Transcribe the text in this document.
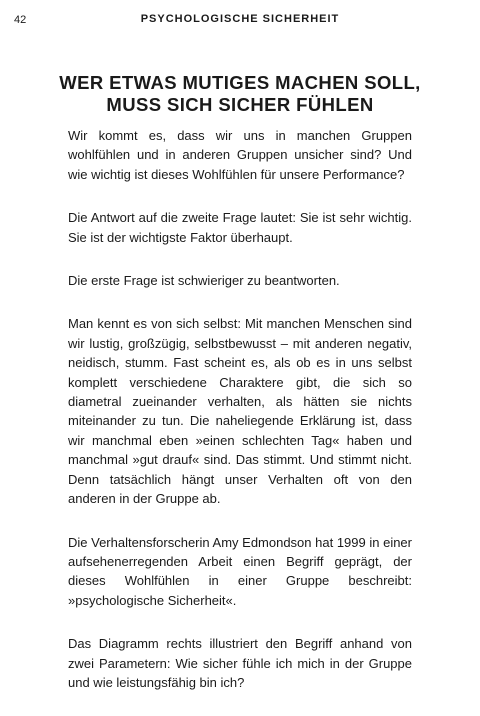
42	PSYCHOLOGISCHE SICHERHEIT
WER ETWAS MUTIGES MACHEN SOLL,
MUSS SICH SICHER FÜHLEN

Wir kommt es, dass wir uns in manchen Gruppen wohlfühlen und in anderen Gruppen unsicher sind? Und wie wichtig ist dieses Wohlfühlen für unsere Performance?

Die Antwort auf die zweite Frage lautet: Sie ist sehr wichtig. Sie ist der wichtigste Faktor überhaupt.

Die erste Frage ist schwieriger zu beantworten.

Man kennt es von sich selbst: Mit manchen Menschen sind wir lustig, großzügig, selbstbewusst – mit anderen negativ, neidisch, stumm. Fast scheint es, als ob es in uns selbst komplett verschiedene Charaktere gibt, die sich so diametral zueinander verhalten, als hätten sie nichts miteinander zu tun. Die naheliegende Erklärung ist, dass wir manchmal eben »einen schlechten Tag« haben und manchmal »gut drauf« sind. Das stimmt. Und stimmt nicht. Denn tatsächlich hängt unser Verhalten oft von den anderen in der Gruppe ab.

Die Verhaltensforscherin Amy Edmondson hat 1999 in einer aufsehenerregenden Arbeit einen Begriff geprägt, der dieses Wohlfühlen in einer Gruppe beschreibt: »psychologische Sicherheit«.

Das Diagramm rechts illustriert den Begriff anhand von zwei Parametern: Wie sicher fühle ich mich in der Gruppe und wie leistungsfähig bin ich?
